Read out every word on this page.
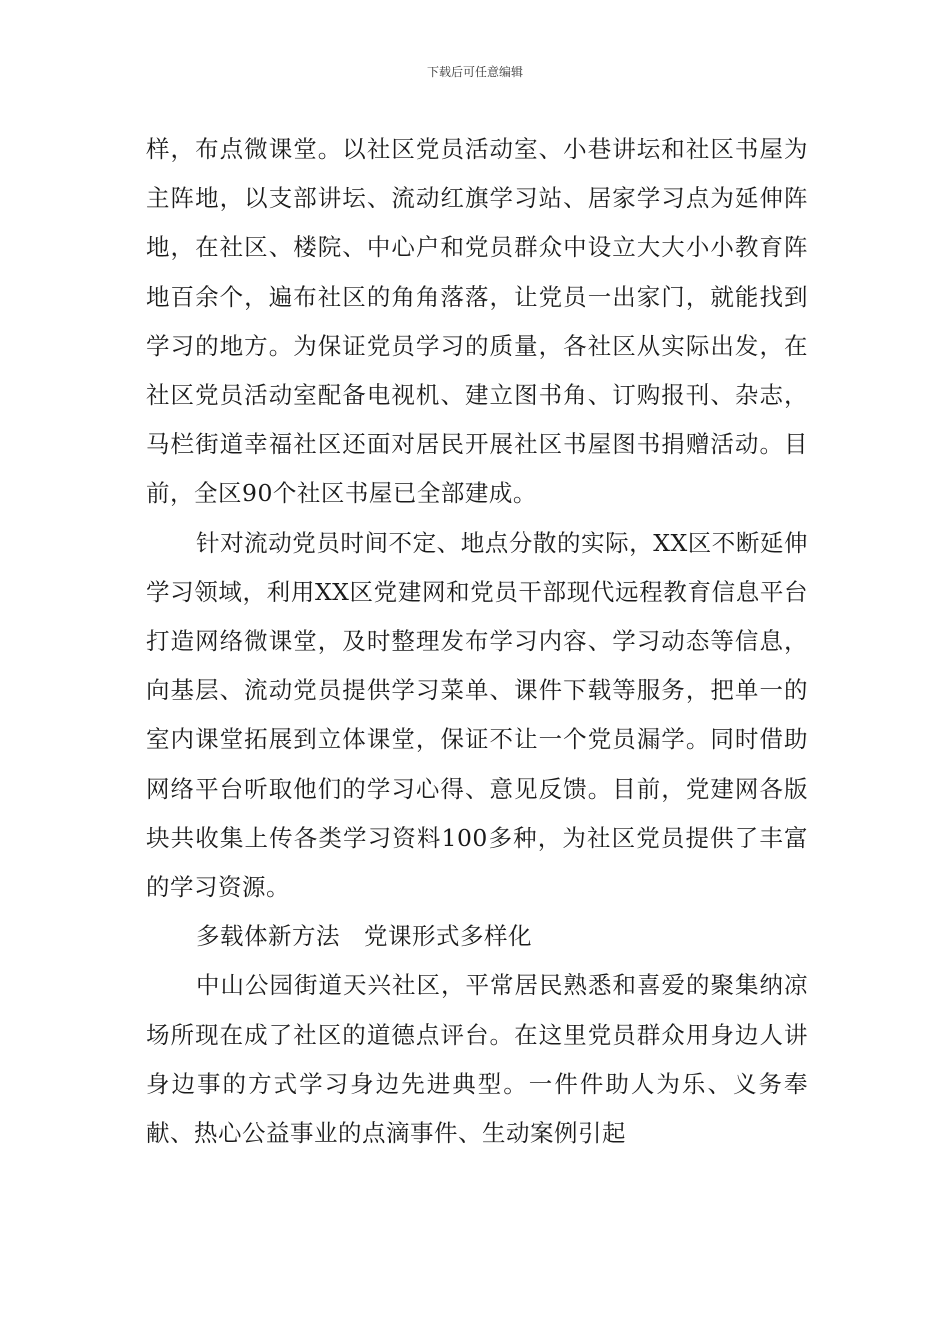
下载后可任意编辑

样，布点微课堂。以社区党员活动室、小巷讲坛和社区书屋为主阵地，以支部讲坛、流动红旗学习站、居家学习点为延伸阵地，在社区、楼院、中心户和党员群众中设立大大小小教育阵地百余个，遍布社区的角角落落，让党员一出家门，就能找到学习的地方。为保证党员学习的质量，各社区从实际出发，在社区党员活动室配备电视机、建立图书角、订购报刊、杂志，马栏街道幸福社区还面对居民开展社区书屋图书捐赠活动。目前，全区90个社区书屋已全部建成。

针对流动党员时间不定、地点分散的实际，XX区不断延伸学习领域，利用XX区党建网和党员干部现代远程教育信息平台打造网络微课堂，及时整理发布学习内容、学习动态等信息，向基层、流动党员提供学习菜单、课件下载等服务，把单一的室内课堂拓展到立体课堂，保证不让一个党员漏学。同时借助网络平台听取他们的学习心得、意见反馈。目前，党建网各版块共收集上传各类学习资料100多种，为社区党员提供了丰富的学习资源。

多载体新方法　党课形式多样化

中山公园街道天兴社区，平常居民熟悉和喜爱的聚集纳凉场所现在成了社区的道德点评台。在这里党员群众用身边人讲身边事的方式学习身边先进典型。一件件助人为乐、义务奉献、热心公益事业的点滴事件、生动案例引起
